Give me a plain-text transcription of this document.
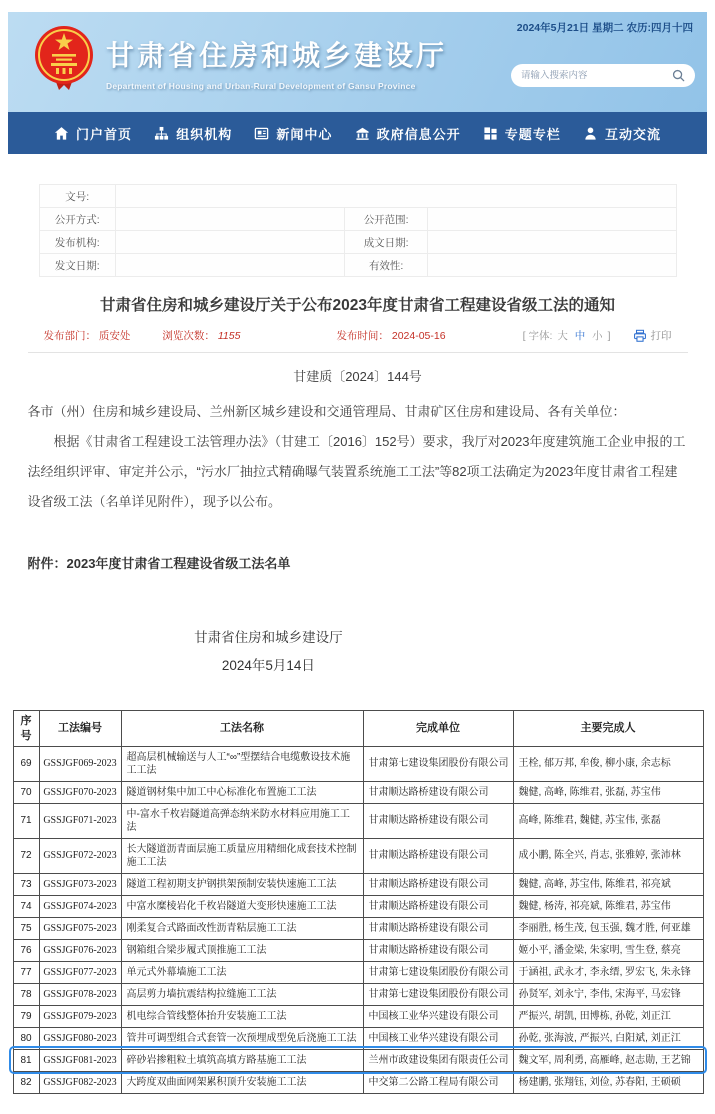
2024年5月21日 星期二 农历:四月十四
甘肃省住房和城乡建设厅
Department of Housing and Urban-Rural Development of Gansu Province
请输入搜索内容
门户首页	组织机构	新闻中心	政府信息公开	专题专栏	互动交流
文号:			
公开方式:		公开范围:	
发布机构:		成文日期:	
发文日期:		有效性:	
甘肃省住房和城乡建设厅关于公布2023年度甘肃省工程建设省级工法的通知
发布部门： 质安处	浏览次数： 1155	发布时间： 2024-05-16	[ 字体: 大 中 小 ]	打印
甘建质〔2024〕144号

各市（州）住房和城乡建设局、兰州新区城乡建设和交通管理局、甘肃矿区住房和建设局、各有关单位：

根据《甘肃省工程建设工法管理办法》（甘建工〔2016〕152号）要求，我厅对2023年度建筑施工企业申报的工法经组织评审、审定并公示，“污水厂抽拉式精确曝气装置系统施工工法”等82项工法确定为2023年度甘肃省工程建设省级工法（名单详见附件），现予以公布。

附件：2023年度甘肃省工程建设省级工法名单
甘肃省住房和城乡建设厅
2024年5月14日
序号	工法编号	工法名称	完成单位	主要完成人
69	GSSJGF069-2023	超高层机械输送与人工“∞”型摆结合电缆敷设技术施工工法	甘肃第七建设集团股份有限公司	王栓, 郁万邦, 牟俊, 柳小康, 余志标
70	GSSJGF070-2023	隧道钢材集中加工中心标准化布置施工工法	甘肃顺达路桥建设有限公司	魏健, 高峰, 陈维君, 张磊, 苏宝伟
71	GSSJGF071-2023	中-富水千枚岩隧道高弹态纳米防水材料应用施工工法	甘肃顺达路桥建设有限公司	高峰, 陈维君, 魏健, 苏宝伟, 张磊
72	GSSJGF072-2023	长大隧道沥青面层施工质量应用精细化成套技术控制施工工法	甘肃顺达路桥建设有限公司	成小鹏, 陈全兴, 肖志, 张雅婷, 张沛林
73	GSSJGF073-2023	隧道工程初期支护钢拱架预制安装快速施工工法	甘肃顺达路桥建设有限公司	魏健, 高峰, 苏宝伟, 陈维君, 祁亮斌
74	GSSJGF074-2023	中富水糜棱岩化千枚岩隧道大变形快速施工工法	甘肃顺达路桥建设有限公司	魏健, 杨涛, 祁亮斌, 陈维君, 苏宝伟
75	GSSJGF075-2023	刚柔复合式路面改性沥青粘层施工工法	甘肃顺达路桥建设有限公司	李丽胜, 杨生茂, 包玉强, 魏才胜, 何亚雄
76	GSSJGF076-2023	钢箱组合梁步履式顶推施工工法	甘肃顺达路桥建设有限公司	姬小平, 潘金梁, 朱家明, 雪生登, 蔡亮
77	GSSJGF077-2023	单元式外幕墙施工工法	甘肃第七建设集团股份有限公司	于涵祖, 武永才, 李永缙, 罗宏飞, 朱永锋
78	GSSJGF078-2023	高层剪力墙抗震结构拉缝施工工法	甘肃第七建设集团股份有限公司	孙贤军, 刘永宁, 李伟, 宋海平, 马宏锋
79	GSSJGF079-2023	机电综合管线整体抬升安装施工工法	中国核工业华兴建设有限公司	严振兴, 胡凯, 田博栋, 孙乾, 刘正江
80	GSSJGF080-2023	管井可调型组合式套管一次预埋成型免后浇施工工法	中国核工业华兴建设有限公司	孙乾, 张海波, 严振兴, 白阳斌, 刘正江
81	GSSJGF081-2023	碎砂岩掺粗粒土填筑高填方路基施工工法	兰州市政建设集团有限责任公司	魏文军, 周利勇, 高雁峰, 赵志勋, 王艺锦
82	GSSJGF082-2023	大跨度双曲面网架累积顶升安装施工工法	中交第二公路工程局有限公司	杨建鹏, 张翔钰, 刘俭, 苏春阳, 王硕硕
